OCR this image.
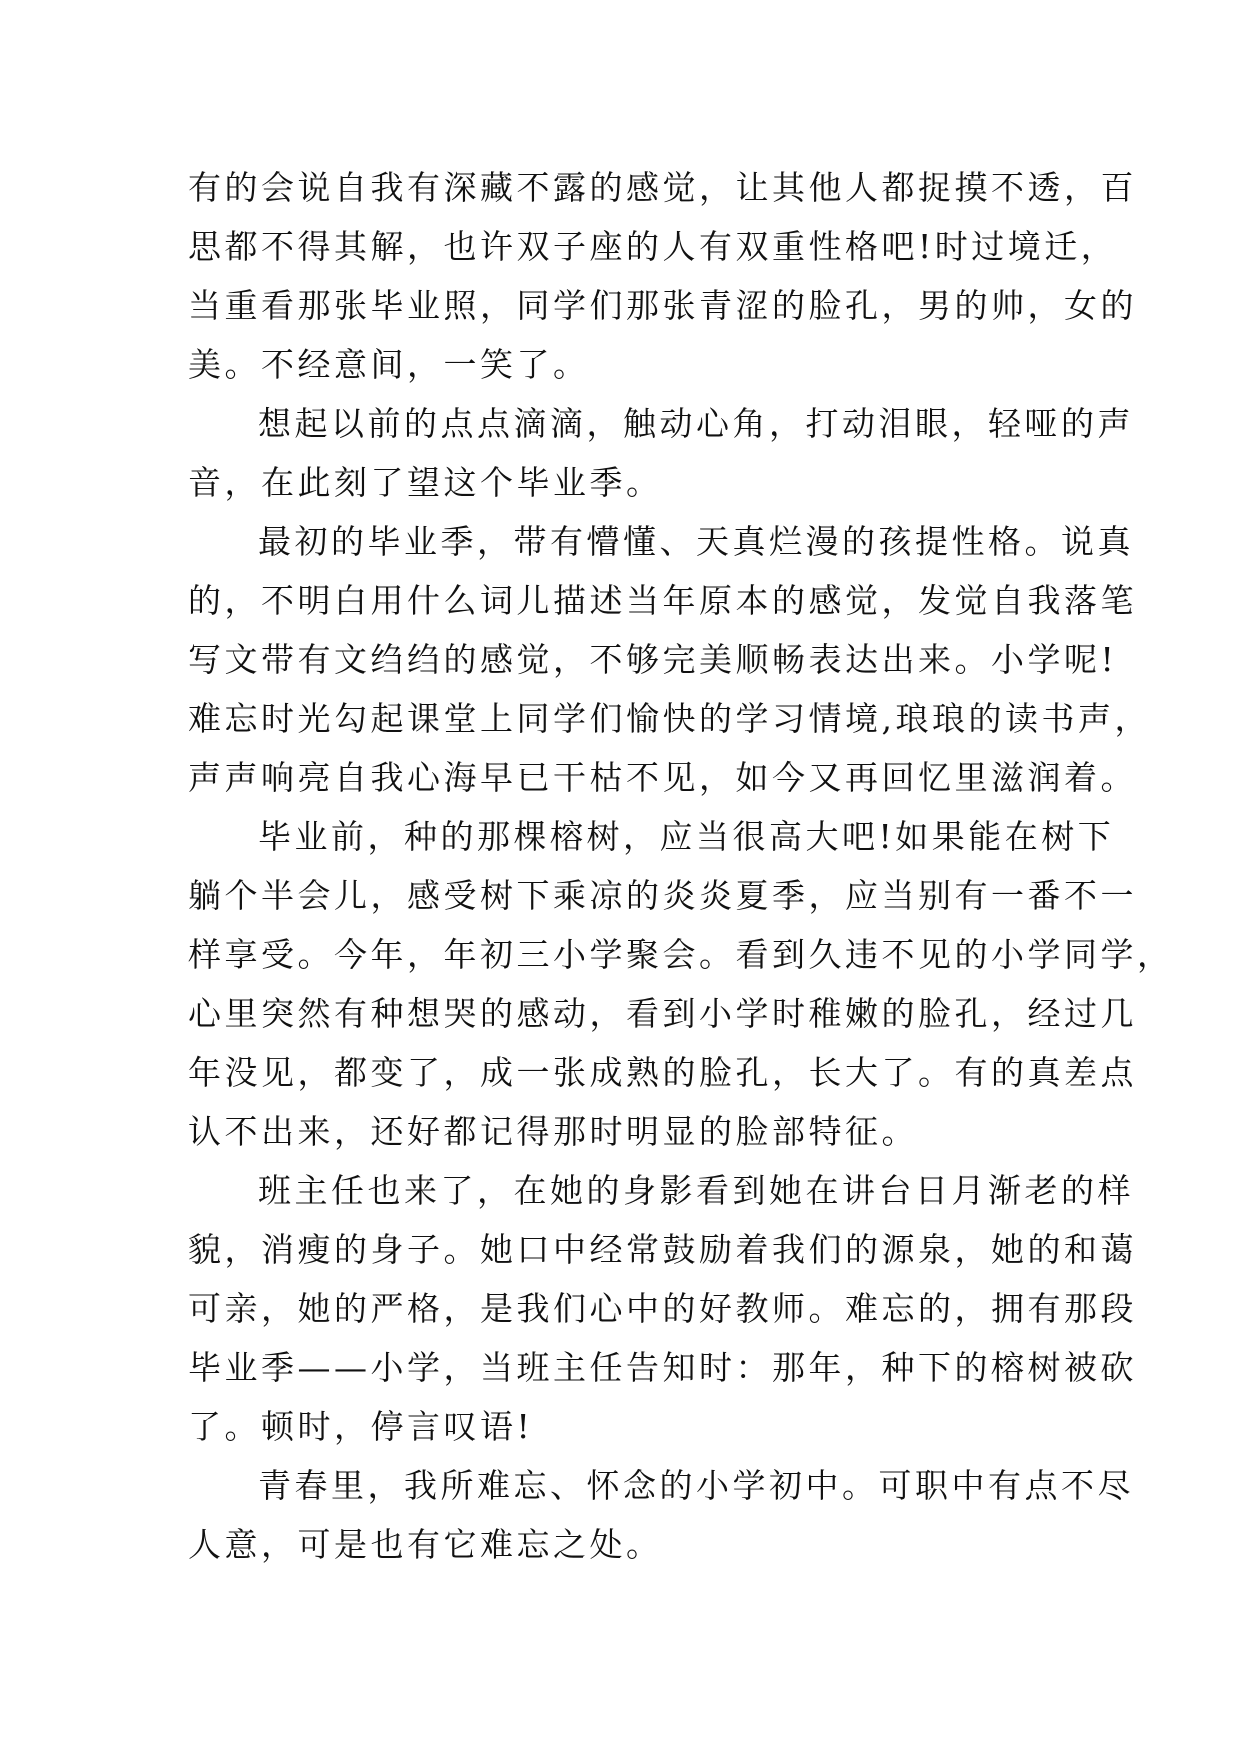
有的会说自我有深藏不露的感觉，让其他人都捉摸不透，百
思都不得其解，也许双子座的人有双重性格吧!时过境迁，
当重看那张毕业照，同学们那张青涩的脸孔，男的帅，女的
美。不经意间，一笑了。
想起以前的点点滴滴，触动心角，打动泪眼，轻哑的声
音，在此刻了望这个毕业季。
最初的毕业季，带有懵懂、天真烂漫的孩提性格。说真
的，不明白用什么词儿描述当年原本的感觉，发觉自我落笔
写文带有文绉绉的感觉，不够完美顺畅表达出来。小学呢!
难忘时光勾起课堂上同学们愉快的学习情境,琅琅的读书声，
声声响亮自我心海早已干枯不见，如今又再回忆里滋润着。
毕业前，种的那棵榕树，应当很高大吧!如果能在树下
躺个半会儿，感受树下乘凉的炎炎夏季，应当别有一番不一
样享受。今年，年初三小学聚会。看到久违不见的小学同学，
心里突然有种想哭的感动，看到小学时稚嫩的脸孔，经过几
年没见，都变了，成一张成熟的脸孔，长大了。有的真差点
认不出来，还好都记得那时明显的脸部特征。
班主任也来了，在她的身影看到她在讲台日月渐老的样
貌，消瘦的身子。她口中经常鼓励着我们的源泉，她的和蔼
可亲，她的严格，是我们心中的好教师。难忘的，拥有那段
毕业季——小学，当班主任告知时：那年，种下的榕树被砍
了。顿时，停言叹语!
青春里，我所难忘、怀念的小学初中。可职中有点不尽
人意，可是也有它难忘之处。
